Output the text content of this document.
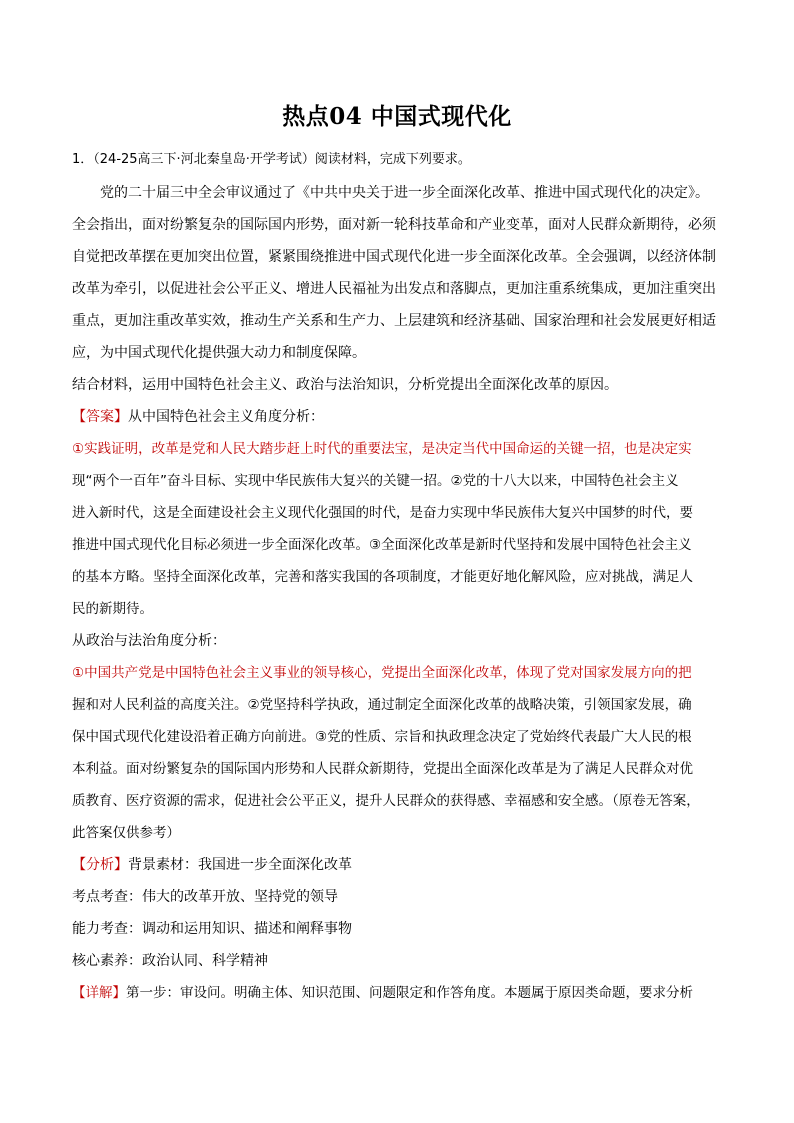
热点04 中国式现代化
1．（24-25高三下·河北秦皇岛·开学考试）阅读材料，完成下列要求。
党的二十届三中全会审议通过了《中共中央关于进一步全面深化改革、推进中国式现代化的决定》。
全会指出，面对纷繁复杂的国际国内形势，面对新一轮科技革命和产业变革，面对人民群众新期待，必须
自觉把改革摆在更加突出位置，紧紧围绕推进中国式现代化进一步全面深化改革。全会强调，以经济体制
改革为牵引，以促进社会公平正义、增进人民福祉为出发点和落脚点，更加注重系统集成，更加注重突出
重点，更加注重改革实效，推动生产关系和生产力、上层建筑和经济基础、国家治理和社会发展更好相适
应，为中国式现代化提供强大动力和制度保障。
结合材料，运用中国特色社会主义、政治与法治知识，分析党提出全面深化改革的原因。
【答案】从中国特色社会主义角度分析：
①实践证明，改革是党和人民大踏步赶上时代的重要法宝，是决定当代中国命运的关键一招，也是决定实
现“两个一百年”奋斗目标、实现中华民族伟大复兴的关键一招。②党的十八大以来，中国特色社会主义
进入新时代，这是全面建设社会主义现代化强国的时代，是奋力实现中华民族伟大复兴中国梦的时代，要
推进中国式现代化目标必须进一步全面深化改革。③全面深化改革是新时代坚持和发展中国特色社会主义
的基本方略。坚持全面深化改革，完善和落实我国的各项制度，才能更好地化解风险，应对挑战，满足人
民的新期待。
从政治与法治角度分析：
①中国共产党是中国特色社会主义事业的领导核心，党提出全面深化改革，体现了党对国家发展方向的把
握和对人民利益的高度关注。②党坚持科学执政，通过制定全面深化改革的战略决策，引领国家发展，确
保中国式现代化建设沿着正确方向前进。③党的性质、宗旨和执政理念决定了党始终代表最广大人民的根
本利益。面对纷繁复杂的国际国内形势和人民群众新期待，党提出全面深化改革是为了满足人民群众对优
质教育、医疗资源的需求，促进社会公平正义，提升人民群众的获得感、幸福感和安全感。（原卷无答案，
此答案仅供参考）
【分析】背景素材：我国进一步全面深化改革
考点考查：伟大的改革开放、坚持党的领导
能力考查：调动和运用知识、描述和阐释事物
核心素养：政治认同、科学精神
【详解】第一步：审设问。明确主体、知识范围、问题限定和作答角度。本题属于原因类命题，要求分析
